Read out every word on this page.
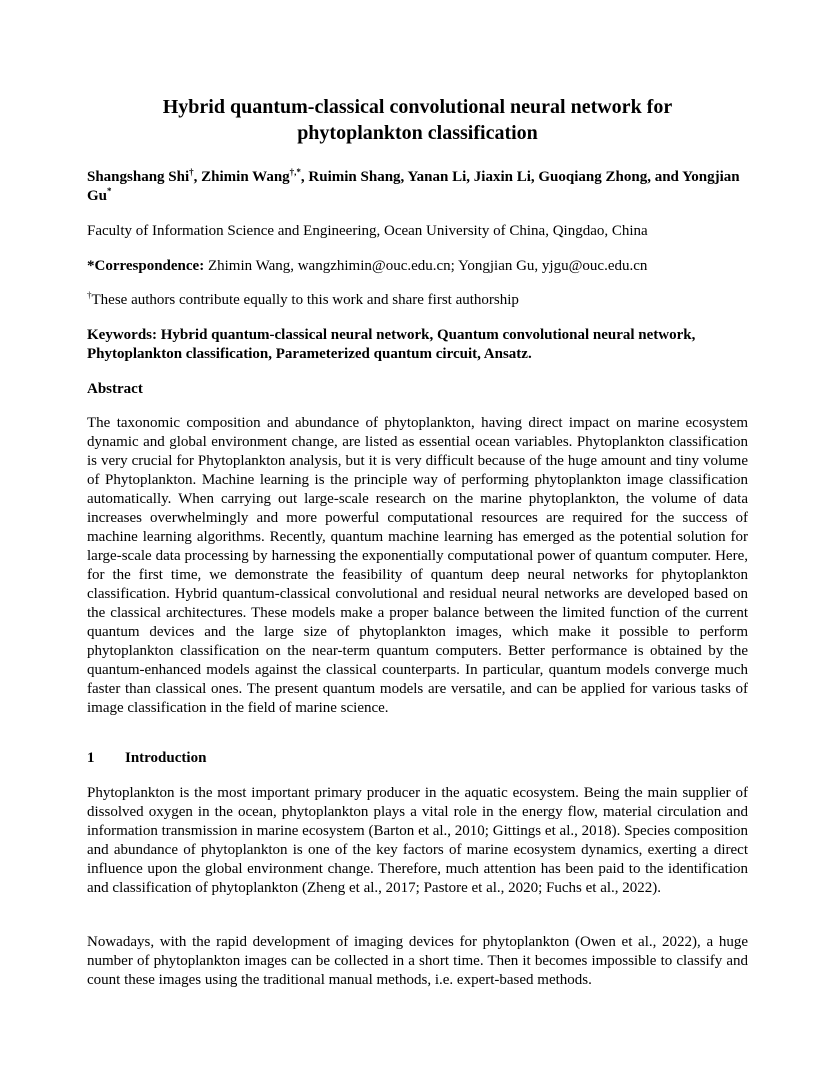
Hybrid quantum-classical convolutional neural network for
phytoplankton classification
Shangshang Shi†, Zhimin Wang†,*, Ruimin Shang, Yanan Li, Jiaxin Li, Guoqiang Zhong, and Yongjian Gu*
Faculty of Information Science and Engineering, Ocean University of China, Qingdao, China
*Correspondence: Zhimin Wang, wangzhimin@ouc.edu.cn; Yongjian Gu, yjgu@ouc.edu.cn
†These authors contribute equally to this work and share first authorship
Keywords: Hybrid quantum-classical neural network, Quantum convolutional neural network, Phytoplankton classification, Parameterized quantum circuit, Ansatz.
Abstract
The taxonomic composition and abundance of phytoplankton, having direct impact on marine ecosystem dynamic and global environment change, are listed as essential ocean variables. Phytoplankton classification is very crucial for Phytoplankton analysis, but it is very difficult because of the huge amount and tiny volume of Phytoplankton. Machine learning is the principle way of performing phytoplankton image classification automatically. When carrying out large-scale research on the marine phytoplankton, the volume of data increases overwhelmingly and more powerful computational resources are required for the success of machine learning algorithms. Recently, quantum machine learning has emerged as the potential solution for large-scale data processing by harnessing the exponentially computational power of quantum computer. Here, for the first time, we demonstrate the feasibility of quantum deep neural networks for phytoplankton classification. Hybrid quantum-classical convolutional and residual neural networks are developed based on the classical architectures. These models make a proper balance between the limited function of the current quantum devices and the large size of phytoplankton images, which make it possible to perform phytoplankton classification on the near-term quantum computers. Better performance is obtained by the quantum-enhanced models against the classical counterparts. In particular, quantum models converge much faster than classical ones. The present quantum models are versatile, and can be applied for various tasks of image classification in the field of marine science.
1 Introduction
Phytoplankton is the most important primary producer in the aquatic ecosystem. Being the main supplier of dissolved oxygen in the ocean, phytoplankton plays a vital role in the energy flow, material circulation and information transmission in marine ecosystem (Barton et al., 2010; Gittings et al., 2018). Species composition and abundance of phytoplankton is one of the key factors of marine ecosystem dynamics, exerting a direct influence upon the global environment change. Therefore, much attention has been paid to the identification and classification of phytoplankton (Zheng et al., 2017; Pastore et al., 2020; Fuchs et al., 2022).
Nowadays, with the rapid development of imaging devices for phytoplankton (Owen et al., 2022), a huge number of phytoplankton images can be collected in a short time. Then it becomes impossible to classify and count these images using the traditional manual methods, i.e. expert-based methods.
